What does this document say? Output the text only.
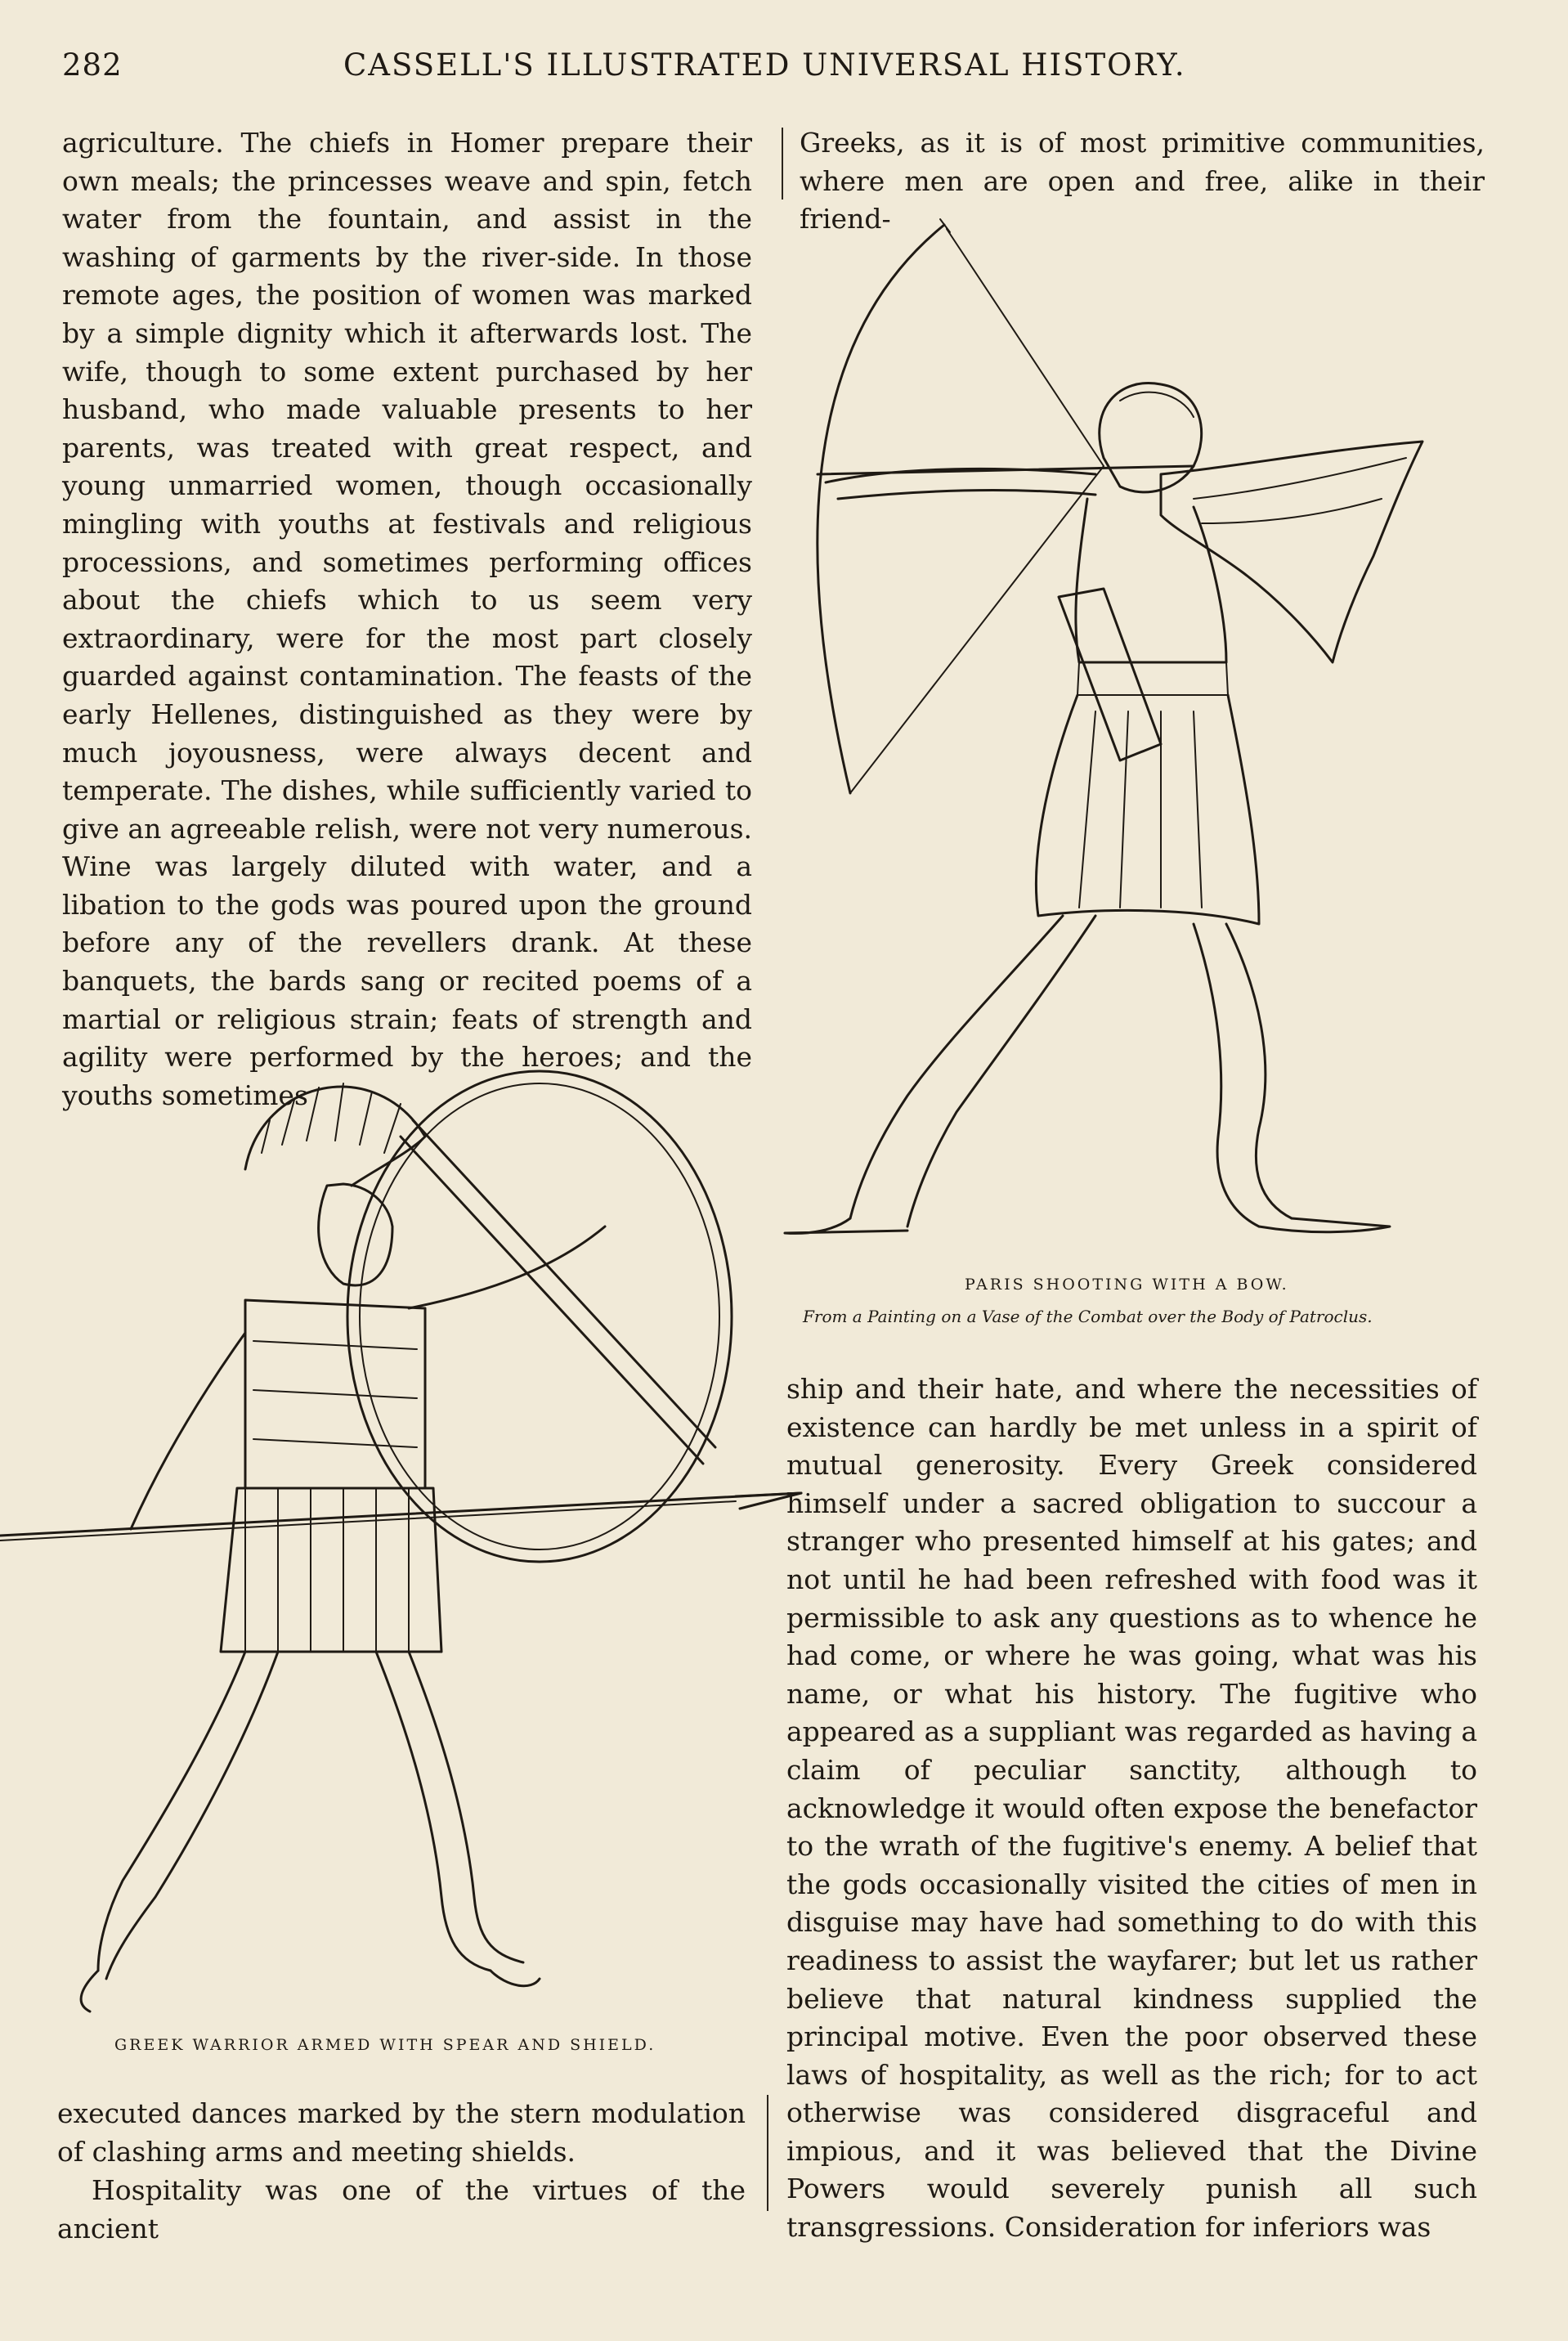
282	CASSELL'S ILLUSTRATED UNIVERSAL HISTORY.

agriculture. The chiefs in Homer prepare their own meals; the princesses weave and spin, fetch water from the fountain, and assist in the washing of garments by the river-side. In those remote ages, the position of women was marked by a simple dignity which it afterwards lost. The wife, though to some extent purchased by her husband, who made valuable presents to her parents, was treated with great respect, and young unmarried women, though occasionally mingling with youths at festivals and religious processions, and sometimes performing offices about the chiefs which to us seem very extraordinary, were for the most part closely guarded against contamination. The feasts of the early Hellenes, distinguished as they were by much joyousness, were always decent and temperate. The dishes, while sufficiently varied to give an agreeable relish, were not very numerous. Wine was largely diluted with water, and a libation to the gods was poured upon the ground before any of the revellers drank. At these banquets, the bards sang or recited poems of a martial or religious strain; feats of strength and agility were performed by the heroes; and the youths sometimes

Greeks, as it is of most primitive communities, where men are open and free, alike in their friend-

PARIS SHOOTING WITH A BOW.
From a Painting on a Vase of the Combat over the Body of Patroclus.

ship and their hate, and where the necessities of existence can hardly be met unless in a spirit of mutual generosity. Every Greek considered himself under a sacred obligation to succour a stranger who presented himself at his gates; and not until he had been refreshed with food was it permissible to ask any questions as to whence he had come, or where he was going, what was his name, or what his history. The fugitive who appeared as a suppliant was regarded as having a claim of peculiar sanctity, although to acknowledge it would often expose the benefactor to the wrath of the fugitive's enemy. A belief that the gods occasionally visited the cities of men in disguise may have had something to do with this readiness to assist the wayfarer; but let us rather believe that natural kindness supplied the principal motive. Even the poor observed these laws of hospitality, as well as the rich; for to act otherwise was considered disgraceful and impious, and it was believed that the Divine Powers would severely punish all such transgressions. Consideration for inferiors was

GREEK WARRIOR ARMED WITH SPEAR AND SHIELD.

executed dances marked by the stern modulation of clashing arms and meeting shields.

Hospitality was one of the virtues of the ancient
